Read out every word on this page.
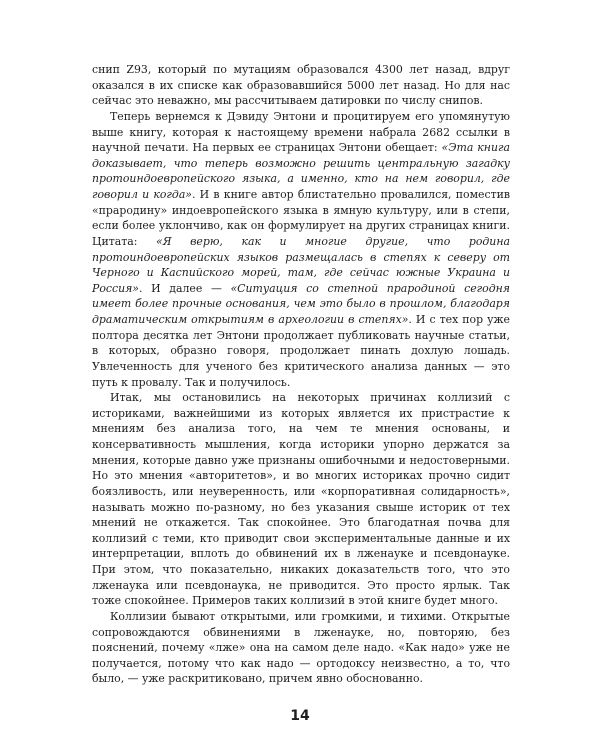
снип Z93, который по мутациям образовался 4300 лет назад, вдруг оказался в их списке как образовавшийся 5000 лет назад. Но для нас сейчас это неважно, мы рассчитываем датировки по числу снипов.

Теперь вернемся к Дэвиду Энтони и процитируем его упомянутую выше книгу, которая к настоящему времени набрала 2682 ссылки в научной печати. На первых ее страницах Энтони обещает: «Эта книга доказывает, что теперь возможно решить центральную загадку протоиндоевропейского языка, а именно, кто на нем говорил, где говорил и когда». И в книге автор блистательно провалился, поместив «прародину» индоевропейского языка в ямную культуру, или в степи, если более уклончиво, как он формулирует на других страницах книги. Цитата: «Я верю, как и многие другие, что родина протоиндоевропейских языков размещалась в степях к северу от Черного и Каспийского морей, там, где сейчас южные Украина и Россия». И далее — «Ситуация со степной прародиной сегодня имеет более прочные основания, чем это было в прошлом, благодаря драматическим открытиям в археологии в степях». И с тех пор уже полтора десятка лет Энтони продолжает публиковать научные статьи, в которых, образно говоря, продолжает пинать дохлую лошадь. Увлеченность для ученого без критического анализа данных — это путь к провалу. Так и получилось.

Итак, мы остановились на некоторых причинах коллизий с историками, важнейшими из которых является их пристрастие к мнениям без анализа того, на чем те мнения основаны, и консервативность мышления, когда историки упорно держатся за мнения, которые давно уже признаны ошибочными и недостоверными. Но это мнения «авторитетов», и во многих историках прочно сидит боязливость, или неуверенность, или «корпоративная солидарность», называть можно по-разному, но без указания свыше историк от тех мнений не откажется. Так спокойнее. Это благодатная почва для коллизий с теми, кто приводит свои экспериментальные данные и их интерпретации, вплоть до обвинений их в лженауке и псевдонауке. При этом, что показательно, никаких доказательств того, что это лженаука или псевдонаука, не приводится. Это просто ярлык. Так тоже спокойнее. Примеров таких коллизий в этой книге будет много.

Коллизии бывают открытыми, или громкими, и тихими. Открытые сопровождаются обвинениями в лженауке, но, повторяю, без пояснений, почему «лже» она на самом деле надо. «Как надо» уже не получается, потому что как надо — ортодоксу неизвестно, а то, что было, — уже раскритиковано, причем явно обоснованно.

14
